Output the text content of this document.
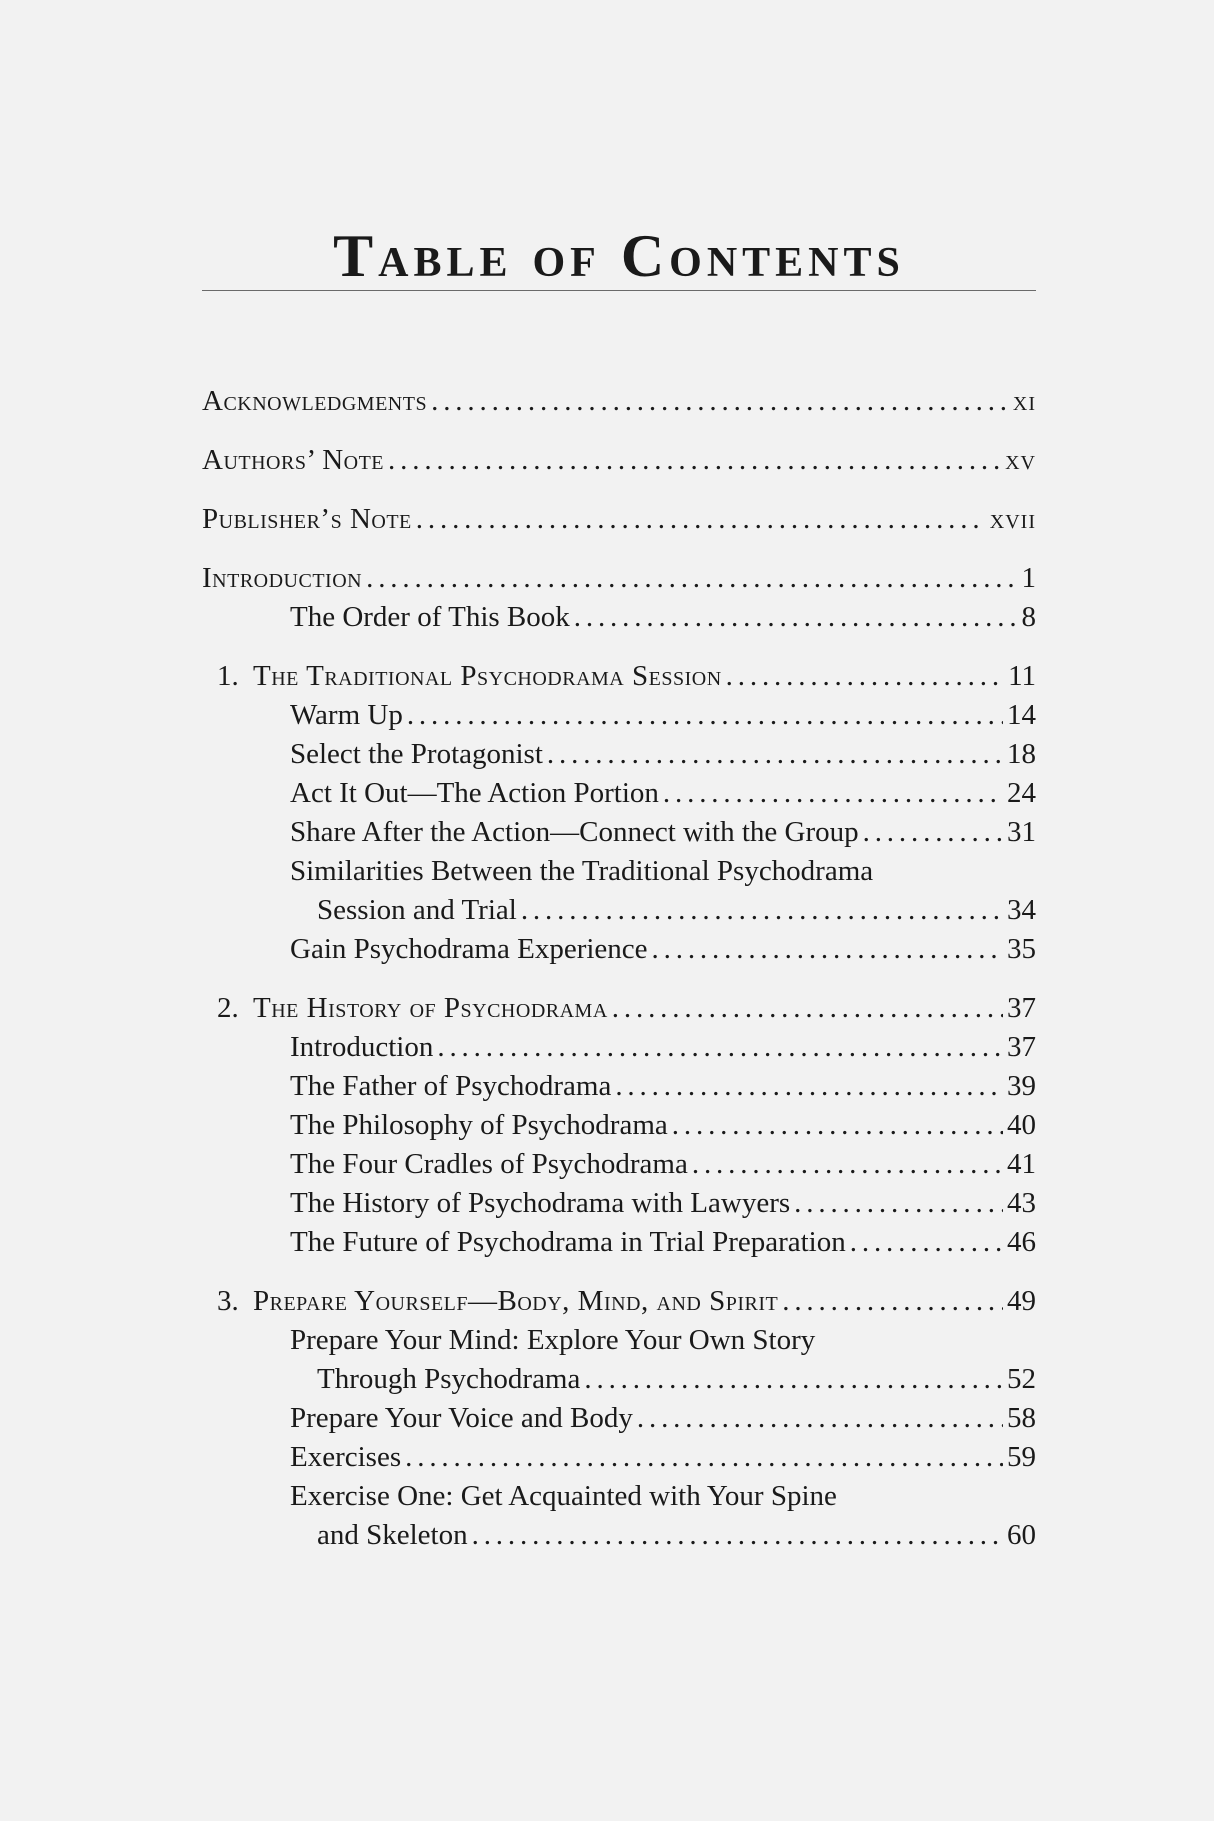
Table of Contents
Acknowledgments . . .	xi
Authors’ Note . . .	xv
Publisher’s Note . . .	xvii
Introduction . . .	1
The Order of This Book . . .	8
1. The Traditional Psychodrama Session . . .	11
Warm Up . . .	14
Select the Protagonist . . .	18
Act It Out—The Action Portion . . .	24
Share After the Action—Connect with the Group . . .	31
Similarities Between the Traditional Psychodrama
Session and Trial . . .	34
Gain Psychodrama Experience . . .	35
2. The History of Psychodrama . . .	37
Introduction . . .	37
The Father of Psychodrama . . .	39
The Philosophy of Psychodrama . . .	40
The Four Cradles of Psychodrama . . .	41
The History of Psychodrama with Lawyers . . .	43
The Future of Psychodrama in Trial Preparation . . .	46
3. Prepare Yourself—Body, Mind, and Spirit . . .	49
Prepare Your Mind: Explore Your Own Story
Through Psychodrama . . .	52
Prepare Your Voice and Body . . .	58
Exercises . . .	59
Exercise One: Get Acquainted with Your Spine
and Skeleton . . .	60
